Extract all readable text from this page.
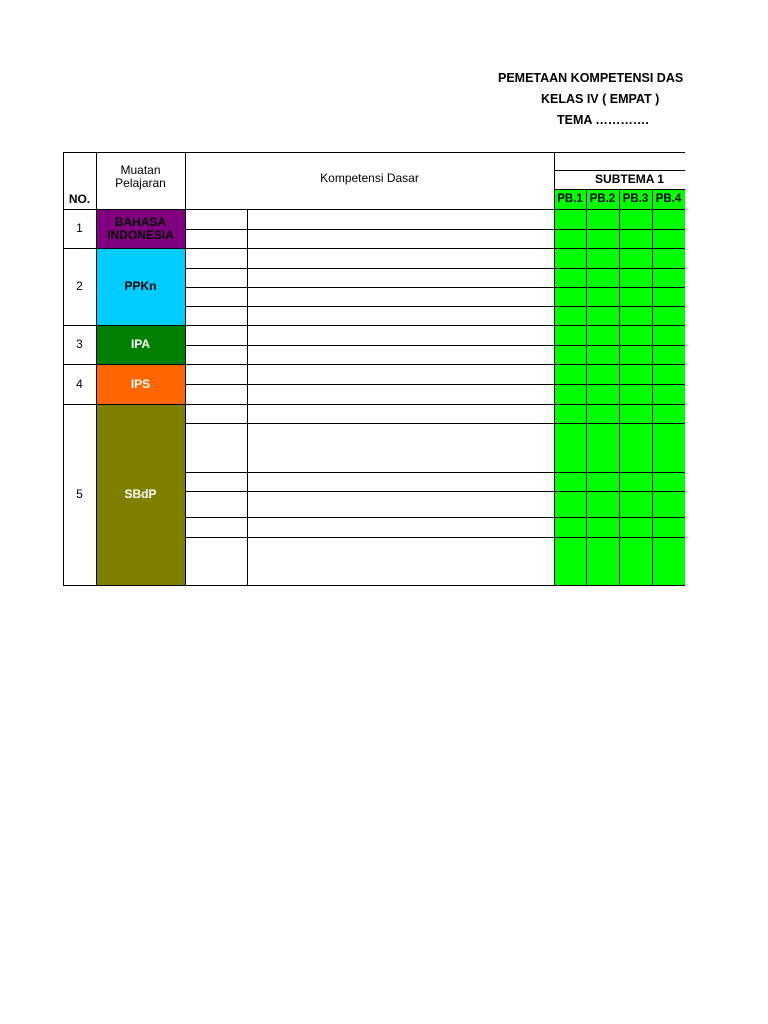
PEMETAAN KOMPETENSI DAS
KELAS IV ( EMPAT )
TEMA ………….
BAHASA INDONESIA
1
PPKn
2
IPA
3
IPS
4
SBdP
5
NO.
Muatan Pelajaran	Kompetensi Dasar	SUBTEMA 1
PB.1 PB.2 PB.3 PB.4
